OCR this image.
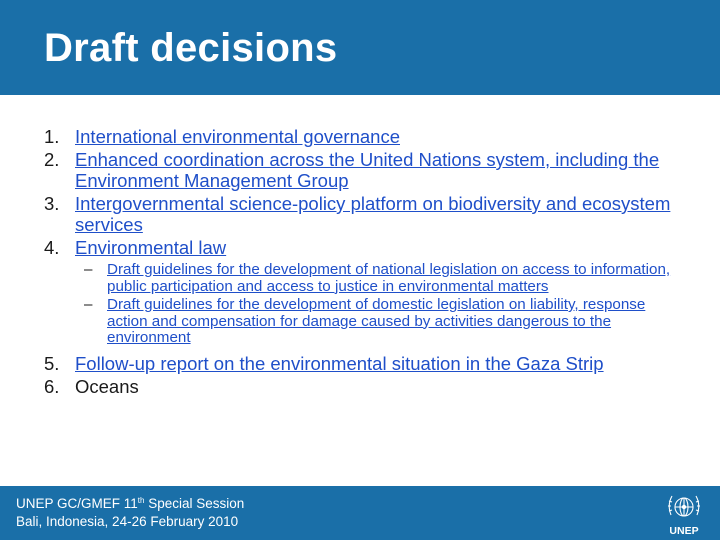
Draft decisions
1. International environmental governance
2. Enhanced coordination across the United Nations system, including the Environment Management Group
3. Intergovernmental science-policy platform on biodiversity and ecosystem services
4. Environmental law
– Draft guidelines for the development of national legislation on access to information, public participation and access to justice in environmental matters
– Draft guidelines for the development of domestic legislation on liability, response action and compensation for damage caused by activities dangerous to the environment
5. Follow-up report on the environmental situation in the Gaza Strip
6. Oceans
UNEP GC/GMEF 11th Special Session
Bali, Indonesia, 24-26 February 2010
UNEP
